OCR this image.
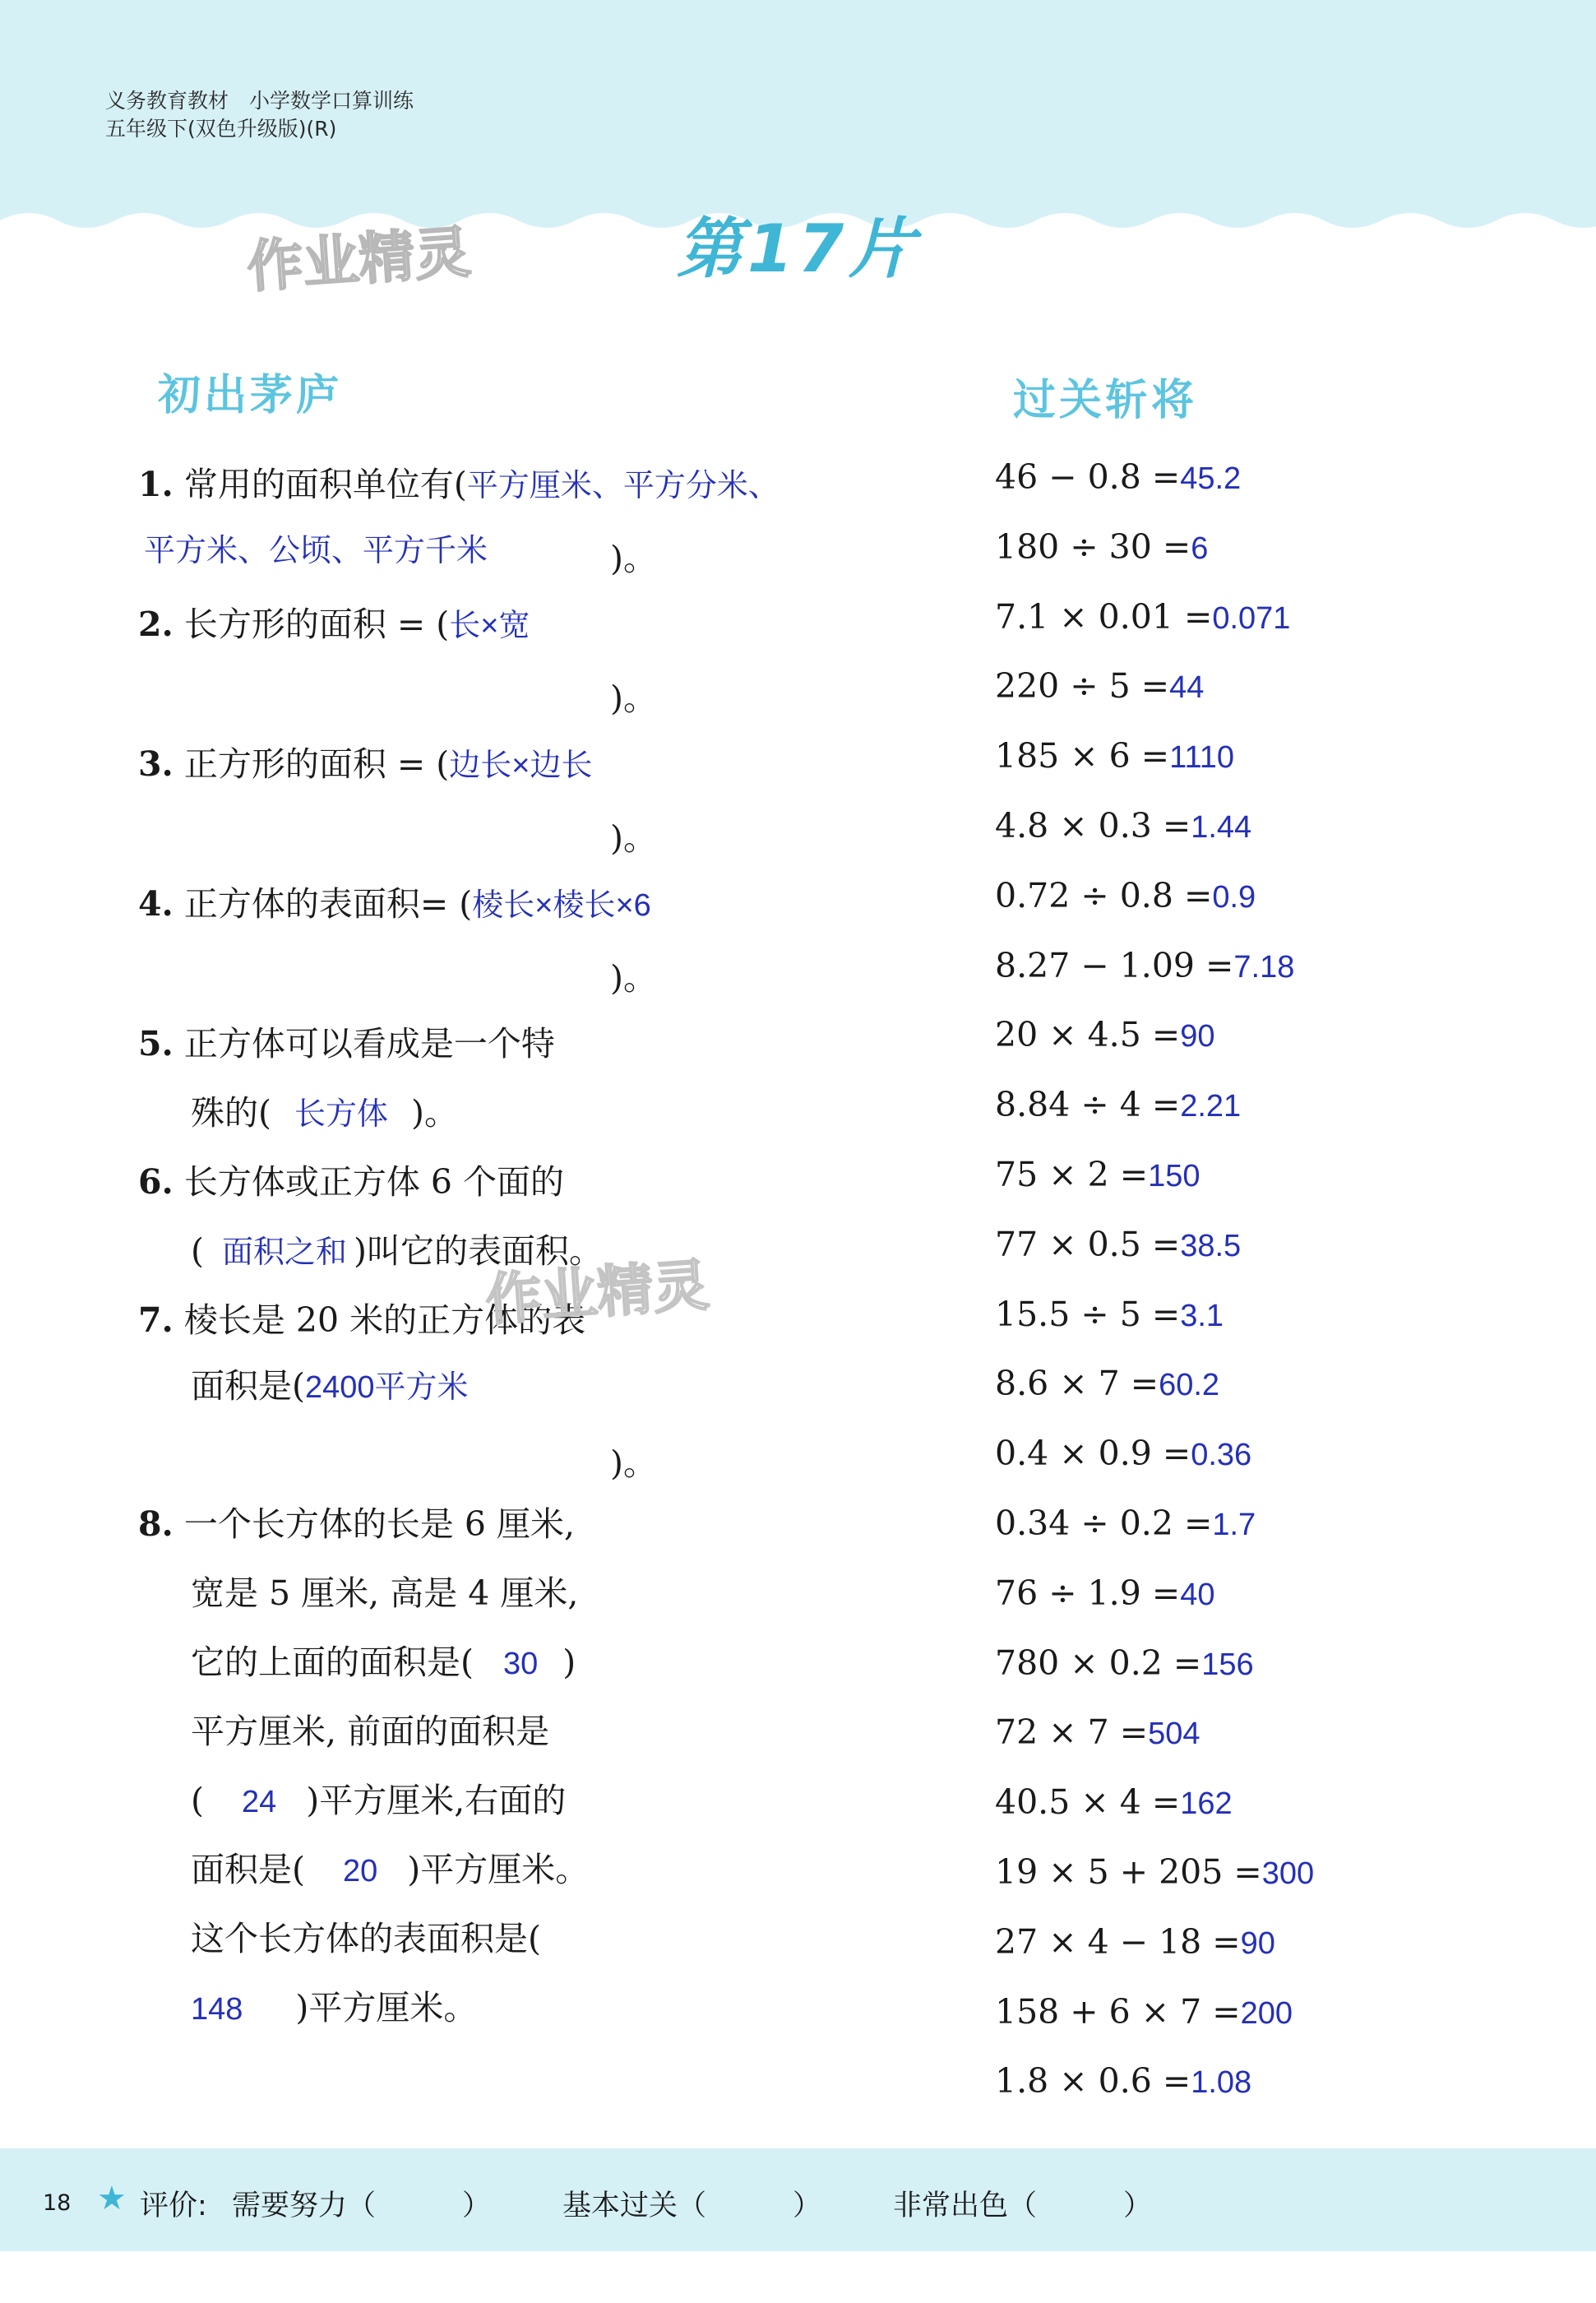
义务教育教材　小学数学口算训练
五年级下(双色升级版)(R)
作业精灵	第17片
初出茅庐	过关斩将
1. 常用的面积单位有(平方厘米、平方分米、
平方米、公顷、平方千米	)。
2. 长方形的面积 = (长×宽
)。
3. 正方形的面积 = (边长×边长
)。
4. 正方体的表面积= (棱长×棱长×6
)。
5. 正方体可以看成是一个特
殊的( 长方体 )。
6. 长方体或正方体 6 个面的
( 面积之和 )叫它的表面积。
7. 棱长是 20 米的正方体的表
面积是(2400平方米
)。
8. 一个长方体的长是 6 厘米,
宽是 5 厘米, 高是 4 厘米,
它的上面的面积是( 30 )
平方厘米, 前面的面积是
( 24 )平方厘米,右面的
面积是( 20 )平方厘米。
这个长方体的表面积是(
148 )平方厘米。
作业精灵
46 − 0.8 =45.2
180 ÷ 30 =6
7.1 × 0.01 =0.071
220 ÷ 5 =44
185 × 6 =1110
4.8 × 0.3 =1.44
0.72 ÷ 0.8 =0.9
8.27 − 1.09 =7.18
20 × 4.5 =90
8.84 ÷ 4 =2.21
75 × 2 =150
77 × 0.5 =38.5
15.5 ÷ 5 =3.1
8.6 × 7 =60.2
0.4 × 0.9 =0.36
0.34 ÷ 0.2 =1.7
76 ÷ 1.9 =40
780 × 0.2 =156
72 × 7 =504
40.5 × 4 =162
19 × 5 + 205 =300
27 × 4 − 18 =90
158 + 6 × 7 =200
1.8 × 0.6 =1.08
18 ★ 评价: 需要努力（　　　） 基本过关（　　　） 非常出色（　　　）
